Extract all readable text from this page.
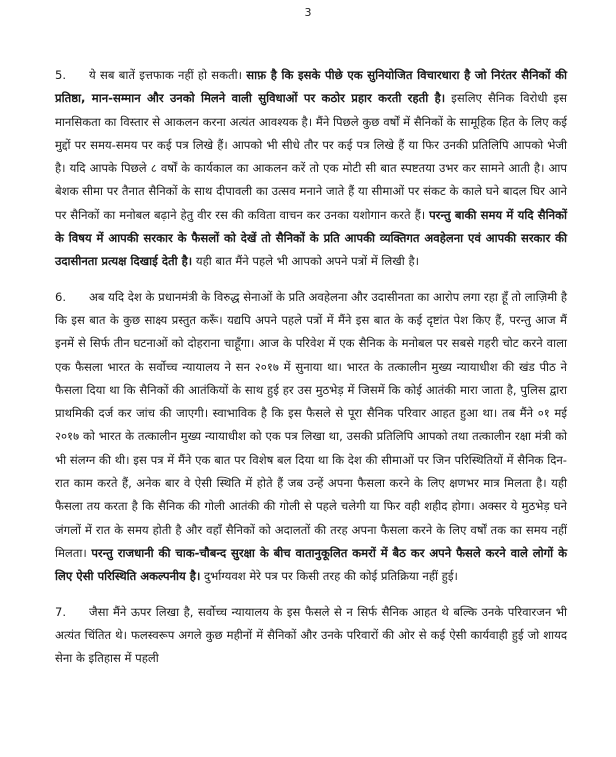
3

5. ये सब बातें इत्तफाक नहीं हो सकती। साफ़ है कि इसके पीछे एक सुनियोजित विचारधारा है जो निरंतर सैनिकों की प्रतिष्ठा, मान-सम्मान और उनको मिलने वाली सुविधाओं पर कठोर प्रहार करती रहती है। इसलिए सैनिक विरोधी इस मानसिकता का विस्तार से आकलन करना अत्यंत आवश्यक है। मैंने पिछले कुछ वर्षों में सैनिकों के सामूहिक हित के लिए कई मुद्दों पर समय-समय पर कई पत्र लिखे हैं। आपको भी सीधे तौर पर कई पत्र लिखे हैं या फिर उनकी प्रतिलिपि आपको भेजी है। यदि आपके पिछले ८ वर्षों के कार्यकाल का आकलन करें तो एक मोटी सी बात स्पष्टतया उभर कर सामने आती है। आप बेशक सीमा पर तैनात सैनिकों के साथ दीपावली का उत्सव मनाने जाते हैं या सीमाओं पर संकट के काले घने बादल घिर आने पर सैनिकों का मनोबल बढ़ाने हेतु वीर रस की कविता वाचन कर उनका यशोगान करते हैं। परन्तु बाकी समय में यदि सैनिकों के विषय में आपकी सरकार के फैसलों को देखें तो सैनिकों के प्रति आपकी व्यक्तिगत अवहेलना एवं आपकी सरकार की उदासीनता प्रत्यक्ष दिखाई देती है। यही बात मैंने पहले भी आपको अपने पत्रों में लिखी है।

6. अब यदि देश के प्रधानमंत्री के विरुद्ध सेनाओं के प्रति अवहेलना और उदासीनता का आरोप लगा रहा हूँ तो लाज़िमी है कि इस बात के कुछ साक्ष्य प्रस्तुत करूँ। यद्यपि अपने पहले पत्रों में मैंने इस बात के कई दृष्टांत पेश किए हैं, परन्तु आज मैं इनमें से सिर्फ तीन घटनाओं को दोहराना चाहूँगा। आज के परिवेश में एक सैनिक के मनोबल पर सबसे गहरी चोट करने वाला एक फैसला भारत के सर्वोच्च न्यायालय ने सन २०१७ में सुनाया था। भारत के तत्कालीन मुख्य न्यायाधीश की खंड पीठ ने फैसला दिया था कि सैनिकों की आतंकियों के साथ हुई हर उस मुठभेड़ में जिसमें कि कोई आतंकी मारा जाता है, पुलिस द्वारा प्राथमिकी दर्ज कर जांच की जाएगी। स्वाभाविक है कि इस फैसले से पूरा सैनिक परिवार आहत हुआ था। तब मैंने ०१ मई २०१७ को भारत के तत्कालीन मुख्य न्यायाधीश को एक पत्र लिखा था, उसकी प्रतिलिपि आपको तथा तत्कालीन रक्षा मंत्री को भी संलग्न की थी। इस पत्र में मैंने एक बात पर विशेष बल दिया था कि देश की सीमाओं पर जिन परिस्थितियों में सैनिक दिन-रात काम करते हैं, अनेक बार वे ऐसी स्थिति में होते हैं जब उन्हें अपना फैसला करने के लिए क्षणभर मात्र मिलता है। यही फैसला तय करता है कि सैनिक की गोली आतंकी की गोली से पहले चलेगी या फिर वही शहीद होगा। अक्सर ये मुठभेड़ घने जंगलों में रात के समय होती है और वहाँ सैनिकों को अदालतों की तरह अपना फैसला करने के लिए वर्षों तक का समय नहीं मिलता। परन्तु राजधानी की चाक-चौबन्द सुरक्षा के बीच वातानुकूलित कमरों में बैठ कर अपने फैसले करने वाले लोगों के लिए ऐसी परिस्थिति अकल्पनीय है। दुर्भाग्यवश मेरे पत्र पर किसी तरह की कोई प्रतिक्रिया नहीं हुई।

7. जैसा मैंने ऊपर लिखा है, सर्वोच्च न्यायालय के इस फैसले से न सिर्फ सैनिक आहत थे बल्कि उनके परिवारजन भी अत्यंत चिंतित थे। फलस्वरूप अगले कुछ महीनों में सैनिकों और उनके परिवारों की ओर से कई ऐसी कार्यवाही हुई जो शायद सेना के इतिहास में पहली
